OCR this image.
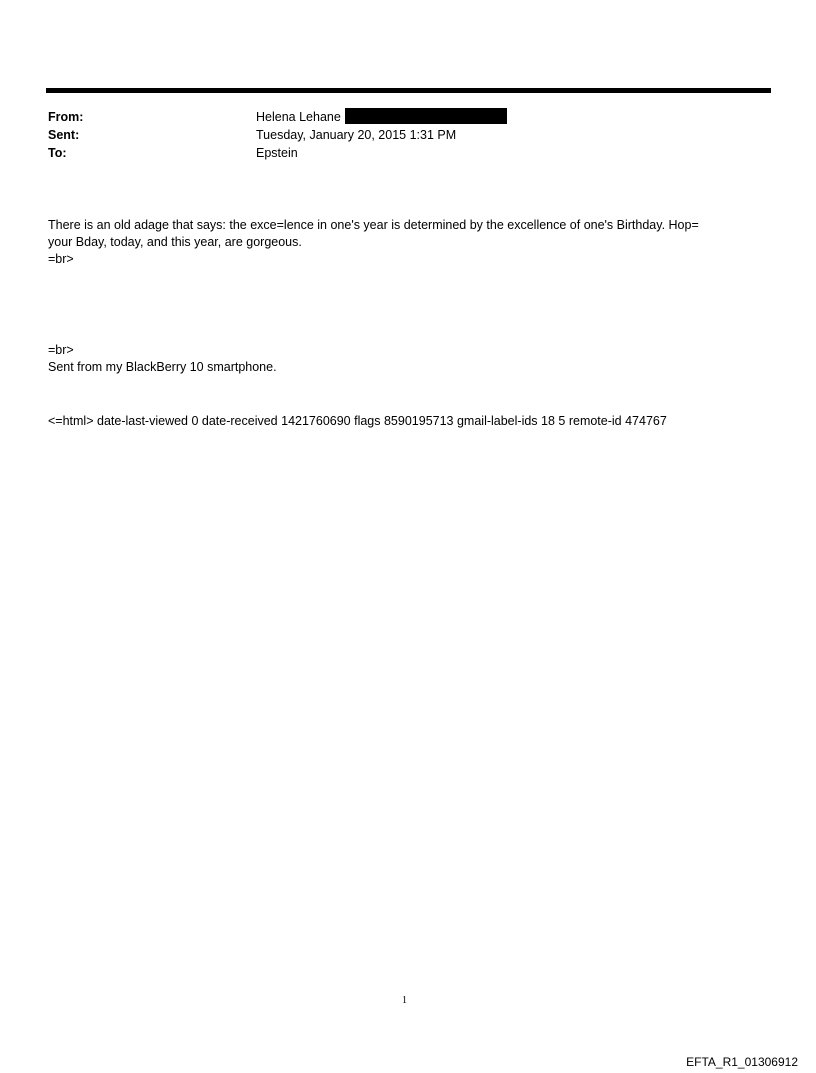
From:	Helena Lehane
Sent:	Tuesday, January 20, 2015 1:31 PM
To:	Epstein
There is an old adage that says: the exce=lence in one's year is determined by the excellence of one's Birthday. Hop=
your Bday, today, and this year, are gorgeous.
=br>
=br>
Sent from my BlackBerry 10 smartphone.
<=html> date-last-viewed 0 date-received 1421760690 flags 8590195713 gmail-label-ids 18 5 remote-id 474767
1
EFTA_R1_01306912
